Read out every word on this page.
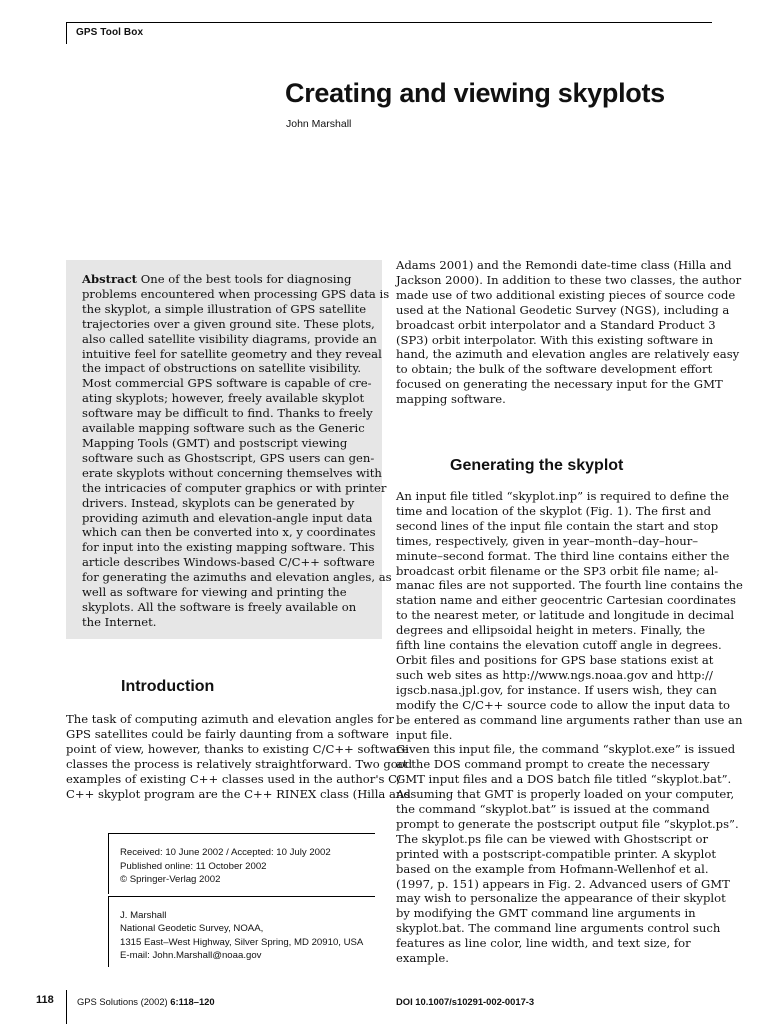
GPS Tool Box
Creating and viewing skyplots
John Marshall

Abstract One of the best tools for diagnosing

problems encountered when processing GPS data is
the skyplot, a simple illustration of GPS satellite
trajectories over a given ground site. These plots,
also called satellite visibility diagrams, provide an
intuitive feel for satellite geometry and they reveal
the impact of obstructions on satellite visibility.
Most commercial GPS software is capable of cre-
ating skyplots; however, freely available skyplot
software may be difficult to find. Thanks to freely
available mapping software such as the Generic
Mapping Tools (GMT) and postscript viewing
software such as Ghostscript, GPS users can gen-
erate skyplots without concerning themselves with
the intricacies of computer graphics or with printer
drivers. Instead, skyplots can be generated by
providing azimuth and elevation-angle input data
which can then be converted into x, y coordinates
for input into the existing mapping software. This
article describes Windows-based C/C++ software
for generating the azimuths and elevation angles, as
well as software for viewing and printing the
skyplots. All the software is freely available on
the Internet.

Introduction
The task of computing azimuth and elevation angles for
GPS satellites could be fairly daunting from a software
point of view, however, thanks to existing C/C++ software
classes the process is relatively straightforward. Two good
examples of existing C++ classes used in the author's C/
C++ skyplot program are the C++ RINEX class (Hilla and
Received: 10 June 2002 / Accepted: 10 July 2002
Published online: 11 October 2002
© Springer-Verlag 2002
J. Marshall
National Geodetic Survey, NOAA,
1315 East–West Highway, Silver Spring, MD 20910, USA
E-mail: John.Marshall@noaa.gov
Adams 2001) and the Remondi date-time class (Hilla and
Jackson 2000). In addition to these two classes, the author
made use of two additional existing pieces of source code
used at the National Geodetic Survey (NGS), including a
broadcast orbit interpolator and a Standard Product 3
(SP3) orbit interpolator. With this existing software in
hand, the azimuth and elevation angles are relatively easy
to obtain; the bulk of the software development effort
focused on generating the necessary input for the GMT
mapping software.
Generating the skyplot

An input file titled “skyplot.inp” is required to define the
time and location of the skyplot (Fig. 1). The first and
second lines of the input file contain the start and stop
times, respectively, given in year–month–day–hour–
minute–second format. The third line contains either the
broadcast orbit filename or the SP3 orbit file name; al-
manac files are not supported. The fourth line contains the
station name and either geocentric Cartesian coordinates
to the nearest meter, or latitude and longitude in decimal
degrees and ellipsoidal height in meters. Finally, the
fifth line contains the elevation cutoff angle in degrees.
Orbit files and positions for GPS base stations exist at
such web sites as http://www.ngs.noaa.gov and http://
igscb.nasa.jpl.gov, for instance. If users wish, they can
modify the C/C++ source code to allow the input data to
be entered as command line arguments rather than use an
input file.

Given this input file, the command “skyplot.exe” is issued
at the DOS command prompt to create the necessary
GMT input files and a DOS batch file titled “skyplot.bat”.
Assuming that GMT is properly loaded on your computer,
the command “skyplot.bat” is issued at the command
prompt to generate the postscript output file “skyplot.ps”.
The skyplot.ps file can be viewed with Ghostscript or
printed with a postscript-compatible printer. A skyplot
based on the example from Hofmann-Wellenhof et al.
(1997, p. 151) appears in Fig. 2. Advanced users of GMT
may wish to personalize the appearance of their skyplot
by modifying the GMT command line arguments in
skyplot.bat. The command line arguments control such
features as line color, line width, and text size, for
example.

118 GPS Solutions (2002) 6:118–120	DOI 10.1007/s10291-002-0017-3
